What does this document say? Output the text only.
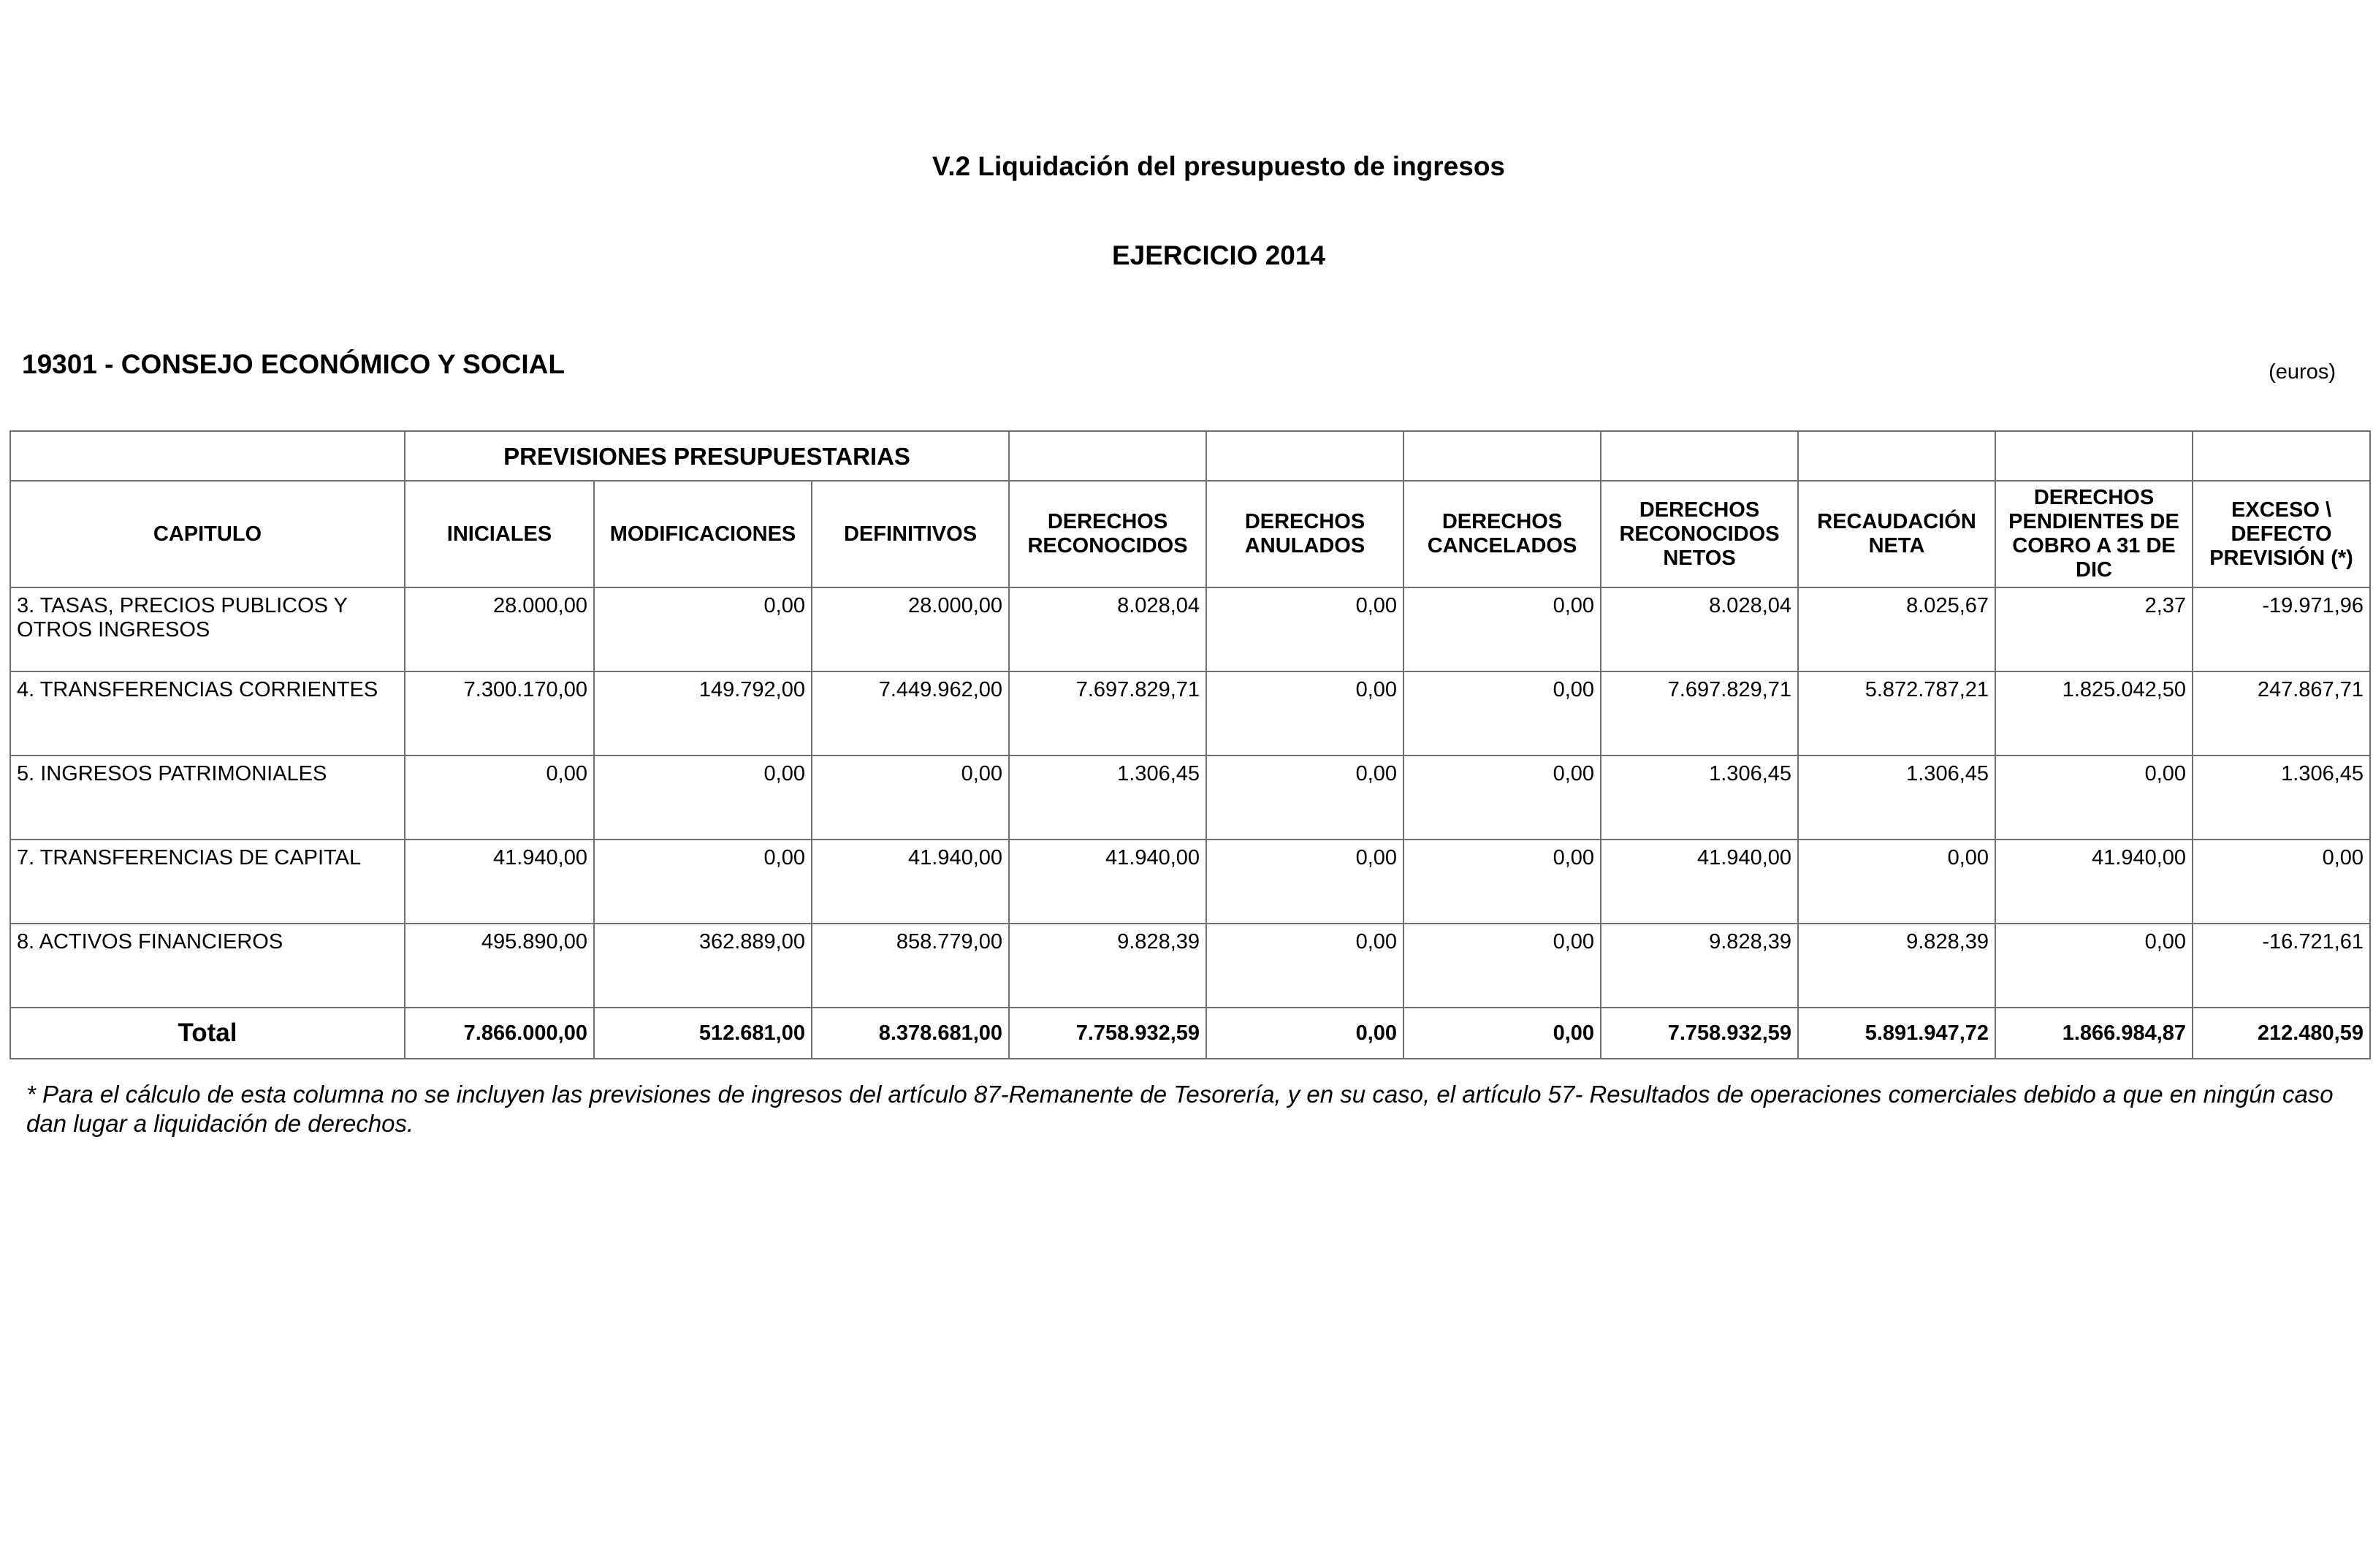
V.2 Liquidación del presupuesto de ingresos
EJERCICIO 2014
19301 - CONSEJO ECONÓMICO Y SOCIAL	(euros)
	PREVISIONES PRESUPUESTARIAS									
CAPITULO	INICIALES	MODIFICACIONES	DEFINITIVOS	DERECHOS RECONOCIDOS	DERECHOS ANULADOS	DERECHOS CANCELADOS	DERECHOS RECONOCIDOS NETOS	RECAUDACIÓN NETA	DERECHOS PENDIENTES DE COBRO A 31 DE DIC	EXCESO \ DEFECTO PREVISIÓN (*)
3. TASAS, PRECIOS PUBLICOS Y OTROS INGRESOS	28.000,00	0,00	28.000,00	8.028,04	0,00	0,00	8.028,04	8.025,67	2,37	-19.971,96
4. TRANSFERENCIAS CORRIENTES	7.300.170,00	149.792,00	7.449.962,00	7.697.829,71	0,00	0,00	7.697.829,71	5.872.787,21	1.825.042,50	247.867,71
5. INGRESOS PATRIMONIALES	0,00	0,00	0,00	1.306,45	0,00	0,00	1.306,45	1.306,45	0,00	1.306,45
7. TRANSFERENCIAS DE CAPITAL	41.940,00	0,00	41.940,00	41.940,00	0,00	0,00	41.940,00	0,00	41.940,00	0,00
8. ACTIVOS FINANCIEROS	495.890,00	362.889,00	858.779,00	9.828,39	0,00	0,00	9.828,39	9.828,39	0,00	-16.721,61
Total	7.866.000,00	512.681,00	8.378.681,00	7.758.932,59	0,00	0,00	7.758.932,59	5.891.947,72	1.866.984,87	212.480,59
* Para el cálculo de esta columna no se incluyen las previsiones de ingresos del artículo 87-Remanente de Tesorería, y en su caso, el artículo 57- Resultados de operaciones comerciales debido a que en ningún caso dan lugar a liquidación de derechos.
